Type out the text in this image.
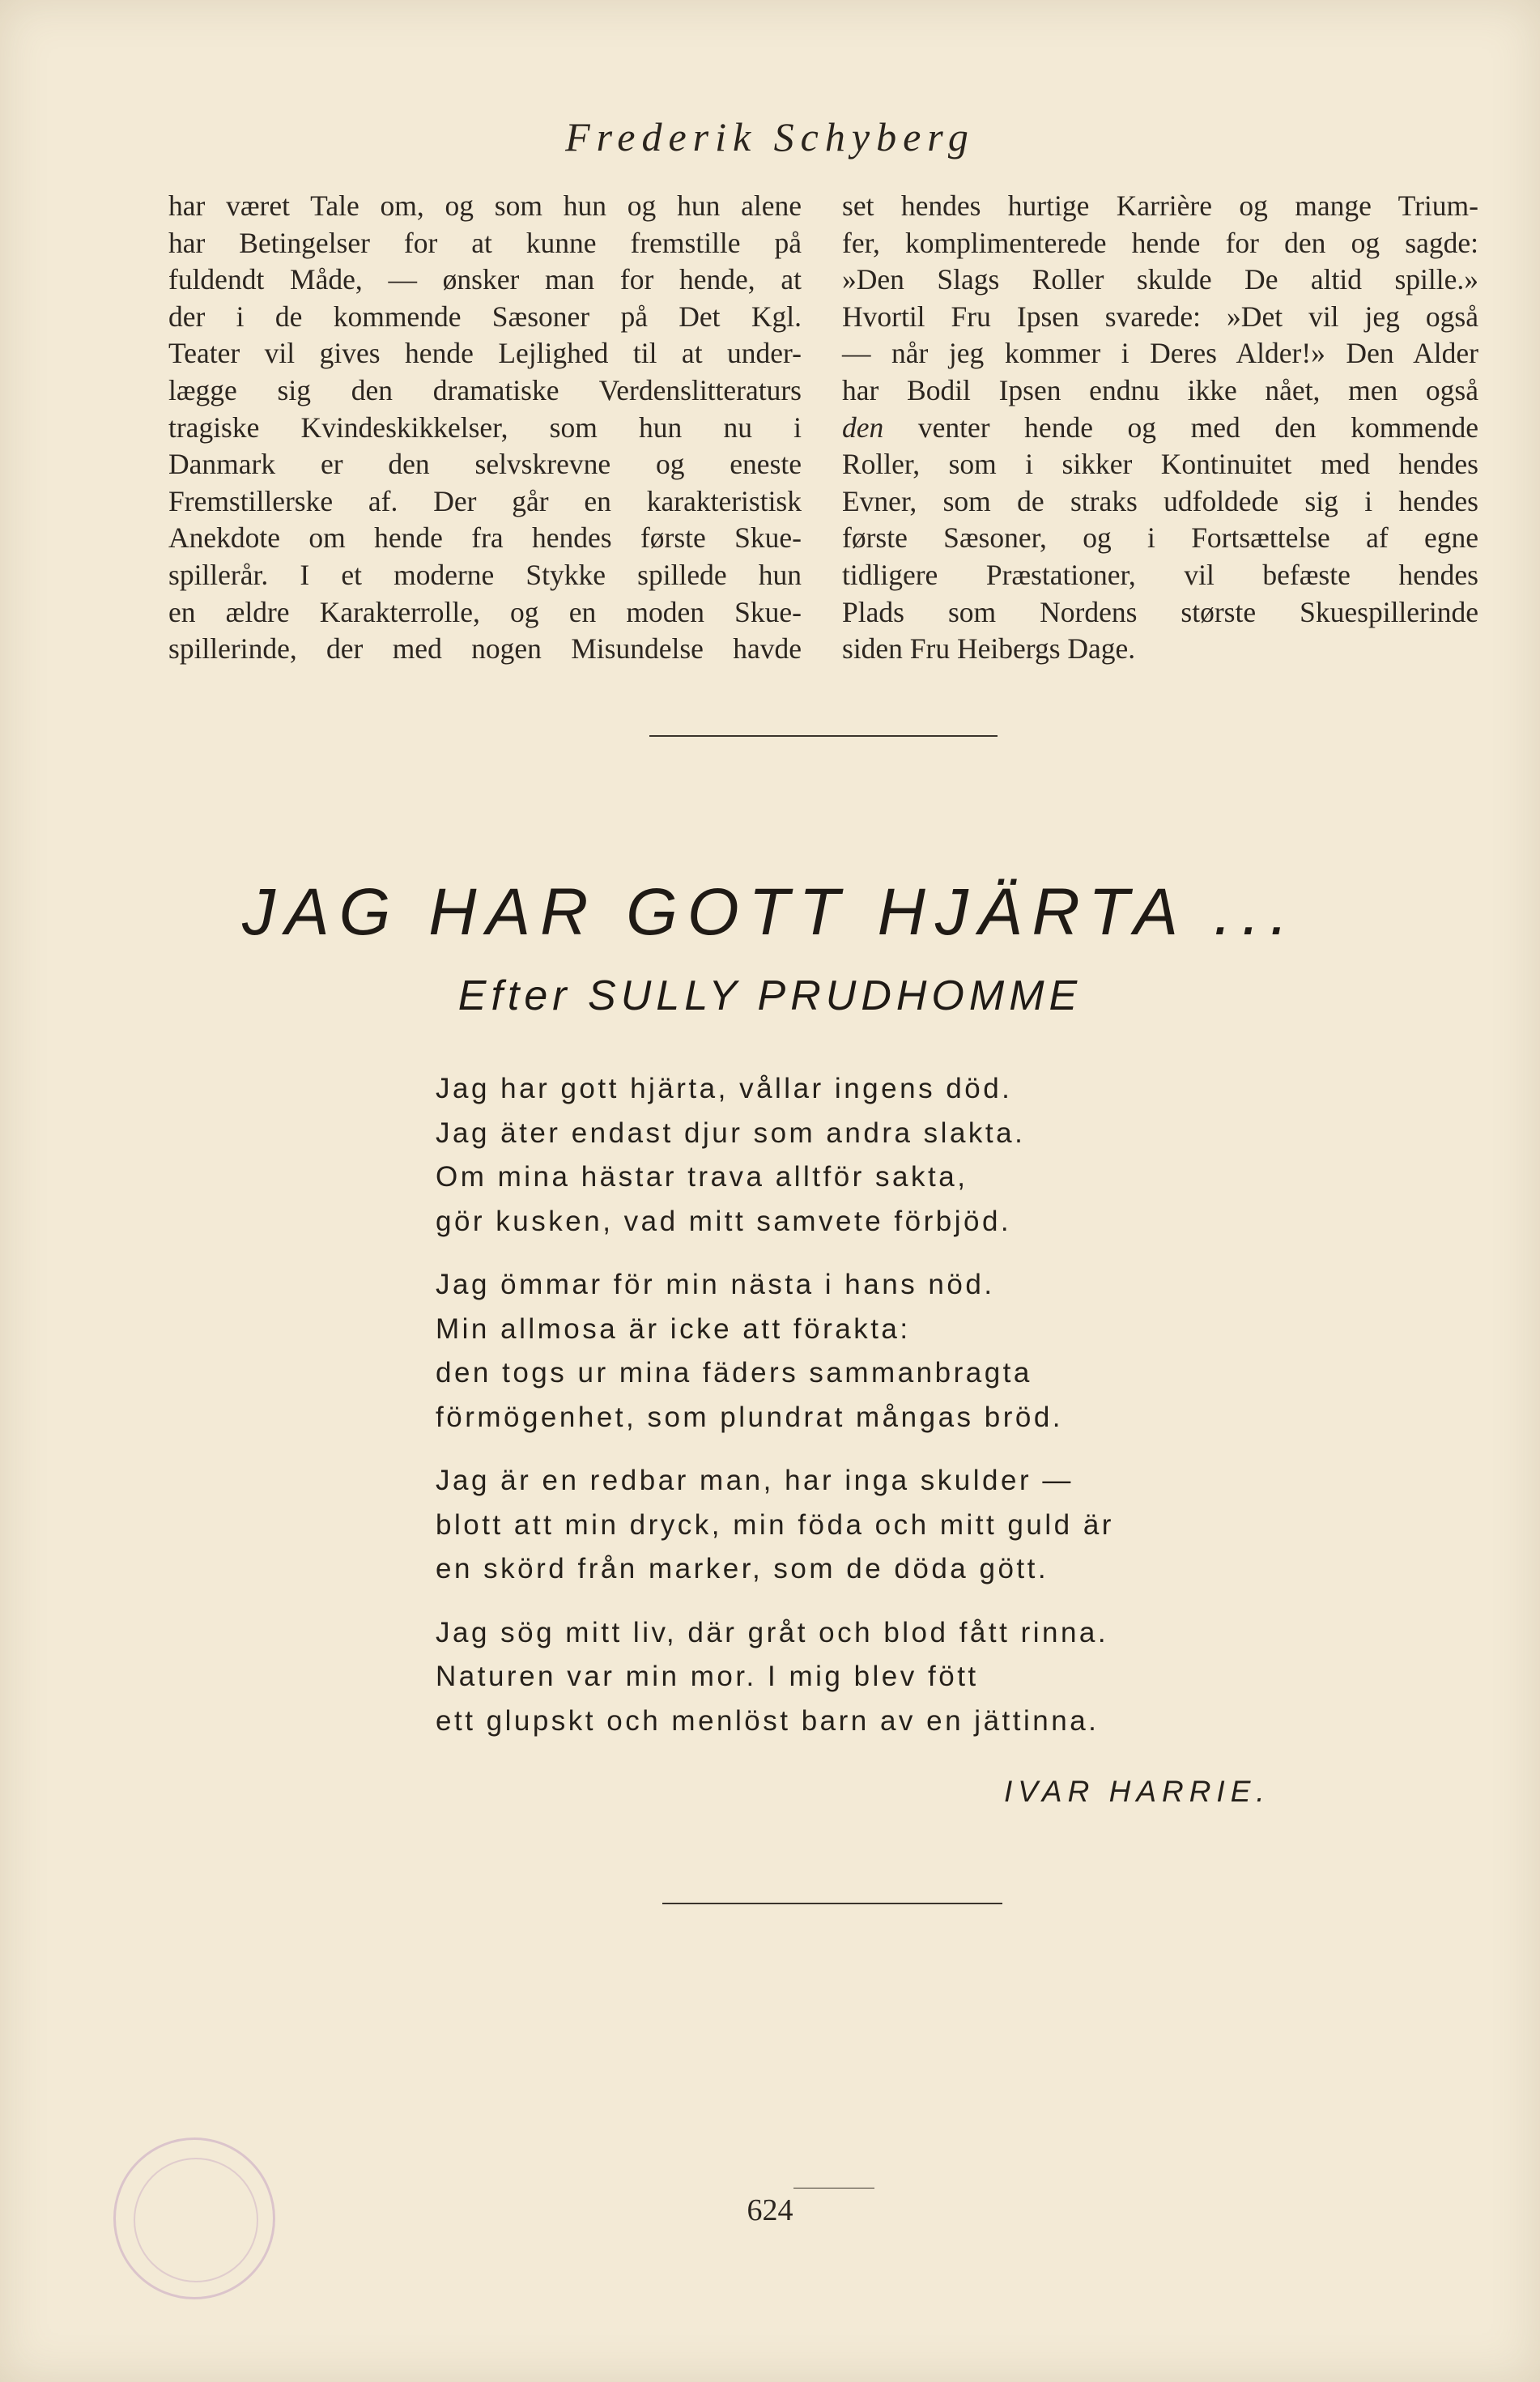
Frederik Schyberg
har været Tale om, og som hun og hun alene
har Betingelser for at kunne fremstille på
fuldendt Måde, — ønsker man for hende, at
der i de kommende Sæsoner på Det Kgl.
Teater vil gives hende Lejlighed til at under-
lægge sig den dramatiske Verdenslitteraturs
tragiske Kvindeskikkelser, som hun nu i
Danmark er den selvskrevne og eneste
Fremstillerske af. Der går en karakteristisk
Anekdote om hende fra hendes første Skue-
spillerår. I et moderne Stykke spillede hun
en ældre Karakterrolle, og en moden Skue-
spillerinde, der med nogen Misundelse havde
set hendes hurtige Karrière og mange Trium-
fer, komplimenterede hende for den og sagde:
»Den Slags Roller skulde De altid spille.»
Hvortil Fru Ipsen svarede: »Det vil jeg også
— når jeg kommer i Deres Alder!» Den Alder
har Bodil Ipsen endnu ikke nået, men også
den venter hende og med den kommende
Roller, som i sikker Kontinuitet med hendes
Evner, som de straks udfoldede sig i hendes
første Sæsoner, og i Fortsættelse af egne
tidligere Præstationer, vil befæste hendes
Plads som Nordens største Skuespillerinde
siden Fru Heibergs Dage.
JAG HAR GOTT HJÄRTA ...
Efter SULLY PRUDHOMME
Jag har gott hjärta, vållar ingens död.
Jag äter endast djur som andra slakta.
Om mina hästar trava alltför sakta,
gör kusken, vad mitt samvete förbjöd.
Jag ömmar för min nästa i hans nöd.
Min allmosa är icke att förakta:
den togs ur mina fäders sammanbragta
förmögenhet, som plundrat mångas bröd.
Jag är en redbar man, har inga skulder —
blott att min dryck, min föda och mitt guld är
en skörd från marker, som de döda gött.
Jag sög mitt liv, där gråt och blod fått rinna.
Naturen var min mor. I mig blev fött
ett glupskt och menlöst barn av en jättinna.
IVAR HARRIE.
624
